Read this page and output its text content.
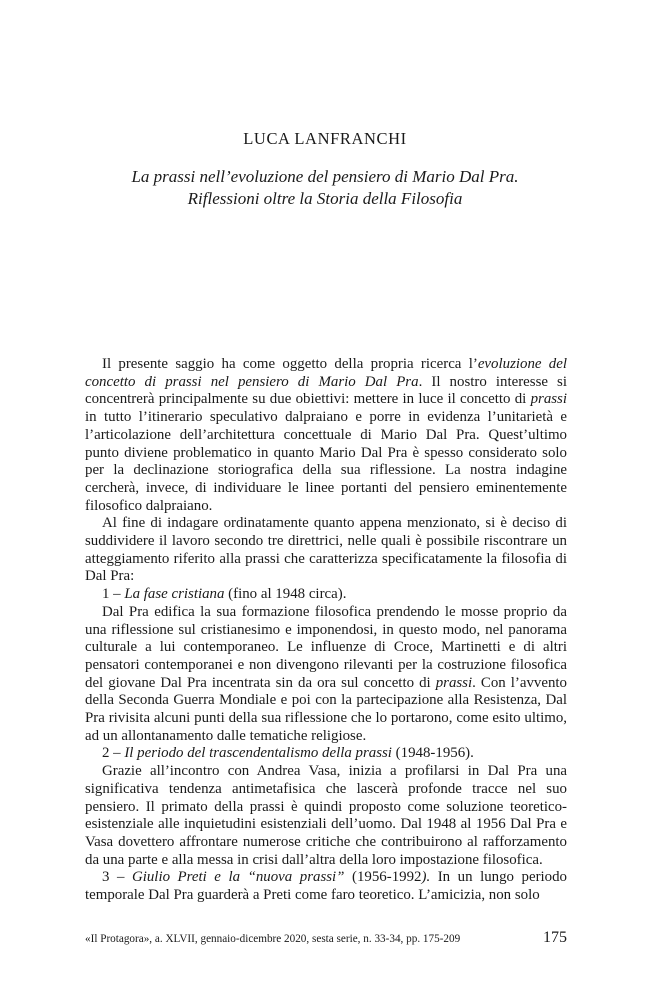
LUCA LANFRANCHI
La prassi nell’evoluzione del pensiero di Mario Dal Pra.
Riflessioni oltre la Storia della Filosofia

Il presente saggio ha come oggetto della propria ricerca l’evoluzione del concetto di prassi nel pensiero di Mario Dal Pra. Il nostro interesse si concentrerà principalmente su due obiettivi: mettere in luce il concetto di prassi in tutto l’itinerario speculativo dalpraiano e porre in evidenza l’unitarietà e l’articolazione dell’architettura concettuale di Mario Dal Pra. Quest’ultimo punto diviene problematico in quanto Mario Dal Pra è spesso considerato solo per la declinazione storiografica della sua riflessione. La nostra indagine cercherà, invece, di individuare le linee portanti del pensiero eminentemente filosofico dalpraiano.

Al fine di indagare ordinatamente quanto appena menzionato, si è deciso di suddividere il lavoro secondo tre direttrici, nelle quali è possibile riscontrare un atteggiamento riferito alla prassi che caratterizza specificatamente la filosofia di Dal Pra:

1 – La fase cristiana (fino al 1948 circa).

Dal Pra edifica la sua formazione filosofica prendendo le mosse proprio da una riflessione sul cristianesimo e imponendosi, in questo modo, nel panorama culturale a lui contemporaneo. Le influenze di Croce, Martinetti e di altri pensatori contemporanei e non divengono rilevanti per la costruzione filosofica del giovane Dal Pra incentrata sin da ora sul concetto di prassi. Con l’avvento della Seconda Guerra Mondiale e poi con la partecipazione alla Resistenza, Dal Pra rivisita alcuni punti della sua riflessione che lo portarono, come esito ultimo, ad un allontanamento dalle tematiche religiose.

2 – Il periodo del trascendentalismo della prassi (1948-1956).

Grazie all’incontro con Andrea Vasa, inizia a profilarsi in Dal Pra una significativa tendenza antimetafisica che lascerà profonde tracce nel suo pensiero. Il primato della prassi è quindi proposto come soluzione teoretico-esistenziale alle inquietudini esistenziali dell’uomo. Dal 1948 al 1956 Dal Pra e Vasa dovettero affrontare numerose critiche che contribuirono al rafforzamento da una parte e alla messa in crisi dall’altra della loro impostazione filosofica.

3 – Giulio Preti e la “nuova prassi” (1956-1992). In un lungo periodo temporale Dal Pra guarderà a Preti come faro teoretico. L’amicizia, non solo

«Il Protagora», a. XLVII, gennaio-dicembre 2020, sesta serie, n. 33-34, pp. 175-209	175
